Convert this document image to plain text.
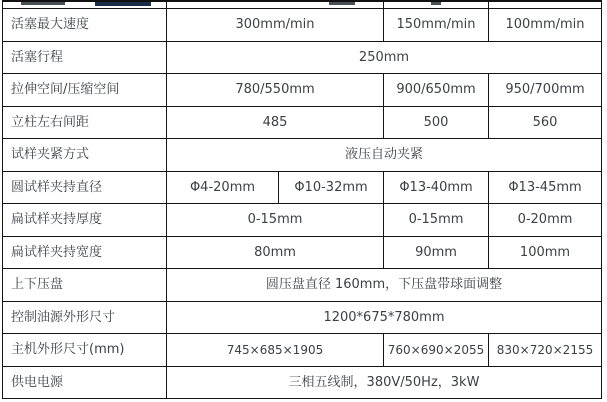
活塞最大速度	300mm/min	150mm/min	100mm/min
活塞行程	250mm
拉伸空间/压缩空间	780/550mm	900/650mm	950/700mm
立柱左右间距	485	500	560
试样夹紧方式	液压自动夹紧
圆试样夹持直径	Φ4-20mm	Φ10-32mm	Φ13-40mm	Φ13-45mm
扁试样夹持厚度	0-15mm	0-15mm	0-20mm
扁试样夹持宽度	80mm	90mm	100mm
上下压盘	圆压盘直径 160mm，下压盘带球面调整
控制油源外形尺寸	1200*675*780mm
主机外形尺寸(mm)	745×685×1905	760×690×2055	830×720×2155
供电电源	三相五线制，380V/50Hz，3kW
